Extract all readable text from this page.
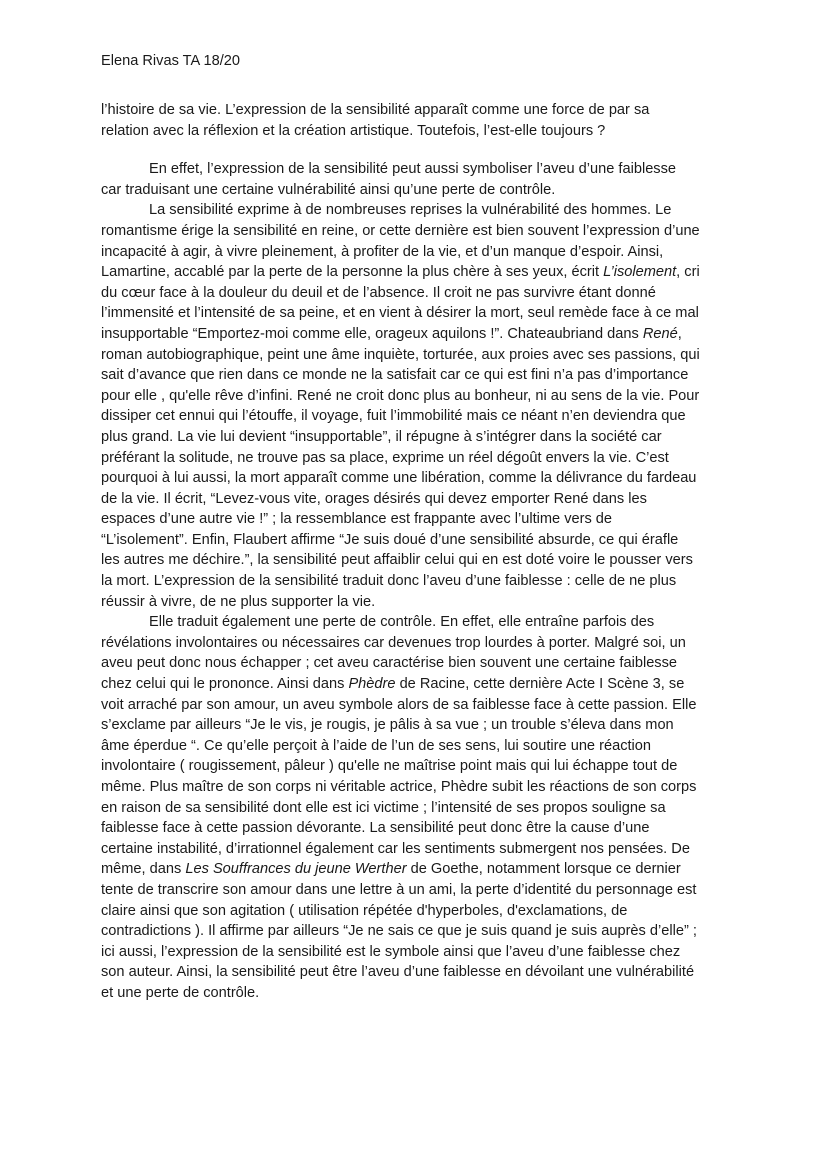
Elena Rivas TA 18/20
l’histoire de sa vie. L’expression de la sensibilité apparaît comme une force de par sa
relation avec la réflexion et la création artistique. Toutefois, l’est-elle toujours ?
En effet, l’expression de la sensibilité peut aussi symboliser l’aveu d’une faiblesse
car traduisant une certaine vulnérabilité ainsi qu’une perte de contrôle.
La sensibilité exprime à de nombreuses reprises la vulnérabilité des hommes. Le
romantisme érige la sensibilité en reine, or cette dernière est bien souvent l’expression d’une
incapacité à agir, à vivre pleinement, à profiter de la vie, et d’un manque d’espoir. Ainsi,
Lamartine, accablé par la perte de la personne la plus chère à ses yeux, écrit L’isolement, cri
du cœur face à la douleur du deuil et de l’absence. Il croit ne pas survivre étant donné
l’immensité et l’intensité de sa peine, et en vient à désirer la mort, seul remède face à ce mal
insupportable “Emportez-moi comme elle, orageux aquilons !”. Chateaubriand dans René,
roman autobiographique, peint une âme inquiète, torturée, aux proies avec ses passions, qui
sait d’avance que rien dans ce monde ne la satisfait car ce qui est fini n’a pas d’importance
pour elle , qu'elle rêve d’infini. René ne croit donc plus au bonheur, ni au sens de la vie. Pour
dissiper cet ennui qui l’étouffe, il voyage, fuit l’immobilité mais ce néant n’en deviendra que
plus grand. La vie lui devient “insupportable”, il répugne à s’intégrer dans la société car
préférant la solitude, ne trouve pas sa place, exprime un réel dégoût envers la vie. C’est
pourquoi à lui aussi, la mort apparaît comme une libération, comme la délivrance du fardeau
de la vie. Il écrit, “Levez-vous vite, orages désirés qui devez emporter René dans les
espaces d’une autre vie !” ; la ressemblance est frappante avec l’ultime vers de
“L’isolement”. Enfin, Flaubert affirme “Je suis doué d’une sensibilité absurde, ce qui érafle
les autres me déchire.”, la sensibilité peut affaiblir celui qui en est doté voire le pousser vers
la mort. L’expression de la sensibilité traduit donc l’aveu d’une faiblesse : celle de ne plus
réussir à vivre, de ne plus supporter la vie.
Elle traduit également une perte de contrôle. En effet, elle entraîne parfois des
révélations involontaires ou nécessaires car devenues trop lourdes à porter. Malgré soi, un
aveu peut donc nous échapper ; cet aveu caractérise bien souvent une certaine faiblesse
chez celui qui le prononce. Ainsi dans Phèdre de Racine, cette dernière Acte I Scène 3, se
voit arraché par son amour, un aveu symbole alors de sa faiblesse face à cette passion. Elle
s’exclame par ailleurs “Je le vis, je rougis, je pâlis à sa vue ; un trouble s’éleva dans mon
âme éperdue “. Ce qu’elle perçoit à l’aide de l’un de ses sens, lui soutire une réaction
involontaire ( rougissement, pâleur ) qu'elle ne maîtrise point mais qui lui échappe tout de
même. Plus maître de son corps ni véritable actrice, Phèdre subit les réactions de son corps
en raison de sa sensibilité dont elle est ici victime ; l’intensité de ses propos souligne sa
faiblesse face à cette passion dévorante. La sensibilité peut donc être la cause d’une
certaine instabilité, d’irrationnel également car les sentiments submergent nos pensées. De
même, dans Les Souffrances du jeune Werther de Goethe, notamment lorsque ce dernier
tente de transcrire son amour dans une lettre à un ami, la perte d’identité du personnage est
claire ainsi que son agitation ( utilisation répétée d'hyperboles, d'exclamations, de
contradictions ). Il affirme par ailleurs “Je ne sais ce que je suis quand je suis auprès d’elle” ;
ici aussi, l’expression de la sensibilité est le symbole ainsi que l’aveu d’une faiblesse chez
son auteur. Ainsi, la sensibilité peut être l’aveu d’une faiblesse en dévoilant une vulnérabilité
et une perte de contrôle.
